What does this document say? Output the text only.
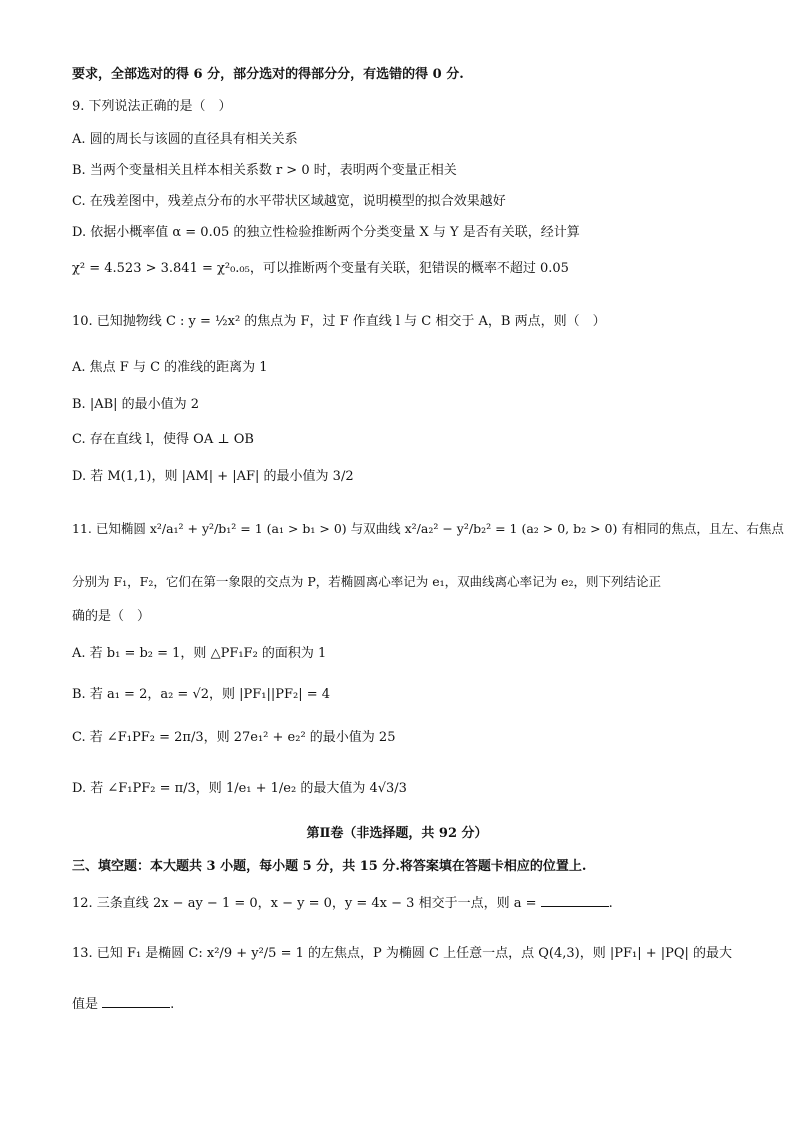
要求，全部选对的得 6 分，部分选对的得部分分，有选错的得 0 分.
9. 下列说法正确的是（　）
A. 圆的周长与该圆的直径具有相关关系
B. 当两个变量相关且样本相关系数 r > 0 时，表明两个变量正相关
C. 在残差图中，残差点分布的水平带状区域越宽，说明模型的拟合效果越好
D. 依据小概率值 α = 0.05 的独立性检验推断两个分类变量 X 与 Y 是否有关联，经计算
χ² = 4.523 > 3.841 = χ²₀.₀₅，可以推断两个变量有关联，犯错误的概率不超过 0.05
10. 已知抛物线 C : y = ½x² 的焦点为 F，过 F 作直线 l 与 C 相交于 A，B 两点，则（　）
A. 焦点 F 与 C 的准线的距离为 1
B. |AB| 的最小值为 2
C. 存在直线 l，使得 OA ⊥ OB
D. 若 M(1,1)，则 |AM| + |AF| 的最小值为 3/2
11. 已知椭圆 x²/a₁² + y²/b₁² = 1 (a₁ > b₁ > 0) 与双曲线 x²/a₂² − y²/b₂² = 1 (a₂ > 0, b₂ > 0) 有相同的焦点，且左、右焦点
分别为 F₁，F₂，它们在第一象限的交点为 P，若椭圆离心率记为 e₁，双曲线离心率记为 e₂，则下列结论正
确的是（　）
A. 若 b₁ = b₂ = 1，则 △PF₁F₂ 的面积为 1
B. 若 a₁ = 2，a₂ = √2，则 |PF₁||PF₂| = 4
C. 若 ∠F₁PF₂ = 2π/3，则 27e₁² + e₂² 的最小值为 25
D. 若 ∠F₁PF₂ = π/3，则 1/e₁ + 1/e₂ 的最大值为 4√3/3
第Ⅱ卷（非选择题，共 92 分）
三、填空题：本大题共 3 小题，每小题 5 分，共 15 分.将答案填在答题卡相应的位置上.
12. 三条直线 2x − ay − 1 = 0，x − y = 0，y = 4x − 3 相交于一点，则 a =	.
13. 已知 F₁ 是椭圆 C: x²/9 + y²/5 = 1 的左焦点，P 为椭圆 C 上任意一点，点 Q(4,3)，则 |PF₁| + |PQ| 的最大
值是	.
